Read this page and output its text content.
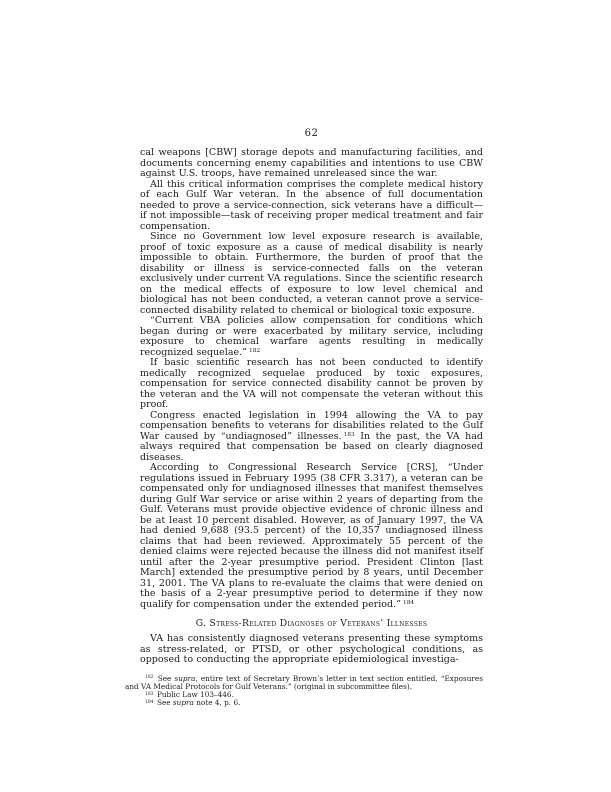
62

cal weapons [CBW] storage depots and manufacturing facilities, and documents concerning enemy capabilities and intentions to use CBW against U.S. troops, have remained unreleased since the war.

All this critical information comprises the complete medical history of each Gulf War veteran. In the absence of full documentation needed to prove a service-connection, sick veterans have a difficult—if not impossible—task of receiving proper medical treatment and fair compensation.

Since no Government low level exposure research is available, proof of toxic exposure as a cause of medical disability is nearly impossible to obtain. Furthermore, the burden of proof that the disability or illness is service-connected falls on the veteran exclusively under current VA regulations. Since the scientific research on the medical effects of exposure to low level chemical and biological has not been conducted, a veteran cannot prove a service-connected disability related to chemical or biological toxic exposure.

“Current VBA policies allow compensation for conditions which began during or were exacerbated by military service, including exposure to chemical warfare agents resulting in medically recognized sequelae.” $^{182}$

If basic scientific research has not been conducted to identify medically recognized sequelae produced by toxic exposures, compensation for service connected disability cannot be proven by the veteran and the VA will not compensate the veteran without this proof.

Congress enacted legislation in 1994 allowing the VA to pay compensation benefits to veterans for disabilities related to the Gulf War caused by “undiagnosed” illnesses. $^{183}$ In the past, the VA had always required that compensation be based on clearly diagnosed diseases.

According to Congressional Research Service [CRS], “Under regulations issued in February 1995 (38 CFR 3.317), a veteran can be compensated only for undiagnosed illnesses that manifest themselves during Gulf War service or arise within 2 years of departing from the Gulf. Veterans must provide objective evidence of chronic illness and be at least 10 percent disabled. However, as of January 1997, the VA had denied 9,688 (93.5 percent) of the 10,357 undiagnosed illness claims that had been reviewed. Approximately 55 percent of the denied claims were rejected because the illness did not manifest itself until after the 2-year presumptive period. President Clinton [last March] extended the presumptive period by 8 years, until December 31, 2001. The VA plans to re-evaluate the claims that were denied on the basis of a 2-year presumptive period to determine if they now qualify for compensation under the extended period.” $^{184}$

G. Stress-Related Diagnoses of Veterans’ Illnesses

VA has consistently diagnosed veterans presenting these symptoms as stress-related, or PTSD, or other psychological conditions, as opposed to conducting the appropriate epidemiological investiga-

$^{182}$ See supra, entire text of Secretary Brown’s letter in text section entitled, “Exposures and VA Medical Protocols for Gulf Veterans.” (original in subcommittee files).

$^{183}$ Public Law 103–446.

$^{184}$ See supra note 4, p. 6.
